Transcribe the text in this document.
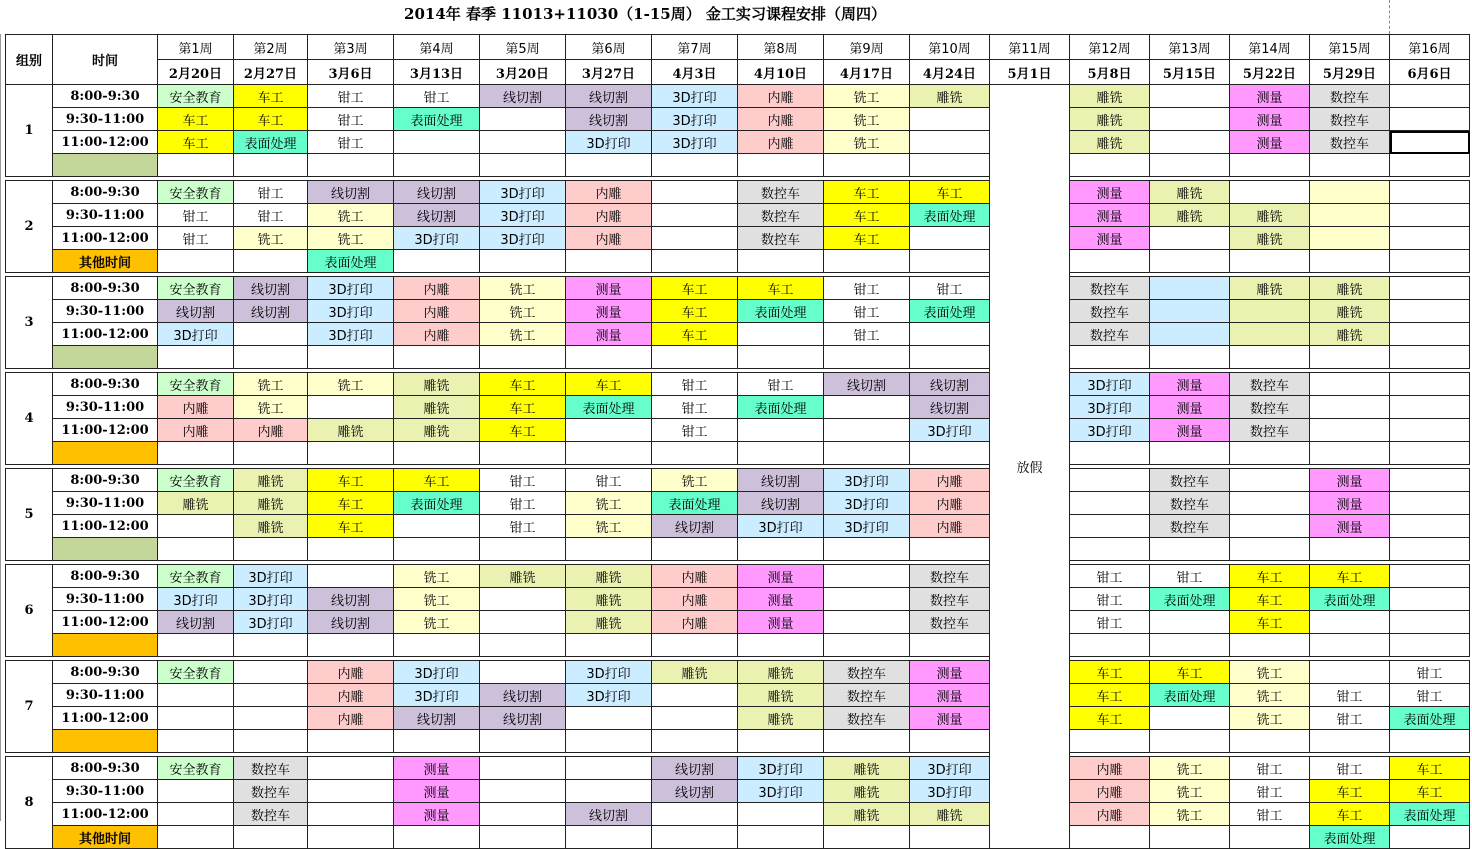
2014年 春季 11013+11030（1-15周） 金工实习课程安排（周四）
组别	时间	第1周	第2周	第3周	第4周	第5周	第6周	第7周	第8周	第9周	第10周	第11周	第12周	第13周	第14周	第15周	第16周
		2月20日	2月27日	3月6日	3月13日	3月20日	3月27日	4月3日	4月10日	4月17日	4月24日	5月1日	5月8日	5月15日	5月22日	5月29日	6月6日
1	8:00-9:30	安全教育	车工	钳工	钳工	线切割	线切割	3D打印	内雕	铣工	雕铣	放假	雕铣		测量	数控车	
	9:30-11:00	车工	车工	钳工	表面处理		线切割	3D打印	内雕	铣工			雕铣		测量	数控车	
	11:00-12:00	车工	表面处理	钳工			3D打印	3D打印	内雕	铣工			雕铣		测量	数控车	

2	8:00-9:30	安全教育	钳工	线切割	线切割	3D打印	内雕		数控车	车工	车工		测量	雕铣			
	9:30-11:00	钳工	钳工	铣工	线切割	3D打印	内雕		数控车	车工	表面处理		测量	雕铣	雕铣		
	11:00-12:00	钳工	铣工	铣工	3D打印	3D打印	内雕		数控车	车工			测量		雕铣		
	其他时间			表面处理													

3	8:00-9:30	安全教育	线切割	3D打印	内雕	铣工	测量	车工	车工	钳工	钳工		数控车		雕铣	雕铣	
	9:30-11:00	线切割	线切割	3D打印	内雕	铣工	测量	车工	表面处理	钳工	表面处理		数控车			雕铣	
	11:00-12:00	3D打印		3D打印	内雕	铣工	测量	车工		钳工			数控车			雕铣	

4	8:00-9:30	安全教育	铣工	铣工	雕铣	车工	车工	钳工	钳工	线切割	线切割		3D打印	测量	数控车		
	9:30-11:00	内雕	铣工		雕铣	车工	表面处理	钳工	表面处理		线切割		3D打印	测量	数控车		
	11:00-12:00	内雕	内雕	雕铣	雕铣	车工		钳工			3D打印		3D打印	测量	数控车		

5	8:00-9:30	安全教育	雕铣	车工	车工	钳工	钳工	铣工	线切割	3D打印	内雕			数控车		测量	
	9:30-11:00	雕铣	雕铣	车工	表面处理	钳工	铣工	表面处理	线切割	3D打印	内雕			数控车		测量	
	11:00-12:00		雕铣	车工		钳工	铣工	线切割	3D打印	3D打印	内雕			数控车		测量	

6	8:00-9:30	安全教育	3D打印		铣工	雕铣	雕铣	内雕	测量		数控车		钳工	钳工	车工	车工	
	9:30-11:00	3D打印	3D打印	线切割	铣工		雕铣	内雕	测量		数控车		钳工	表面处理	车工	表面处理	
	11:00-12:00	线切割	3D打印	线切割	铣工		雕铣	内雕	测量		数控车		钳工		车工		

7	8:00-9:30	安全教育		内雕	3D打印		3D打印	雕铣	雕铣	数控车	测量		车工	车工	铣工		钳工
	9:30-11:00			内雕	3D打印	线切割	3D打印		雕铣	数控车	测量		车工	表面处理	铣工	钳工	钳工
	11:00-12:00			内雕	线切割	线切割			雕铣	数控车	测量		车工		铣工	钳工	表面处理

8	8:00-9:30	安全教育	数控车		测量			线切割	3D打印	雕铣	3D打印		内雕	铣工	钳工	钳工	车工
	9:30-11:00		数控车		测量			线切割	3D打印	雕铣	3D打印		内雕	铣工	钳工	车工	车工
	11:00-12:00		数控车		测量		线切割			雕铣	雕铣		内雕	铣工	钳工	车工	表面处理
	其他时间															表面处理	
